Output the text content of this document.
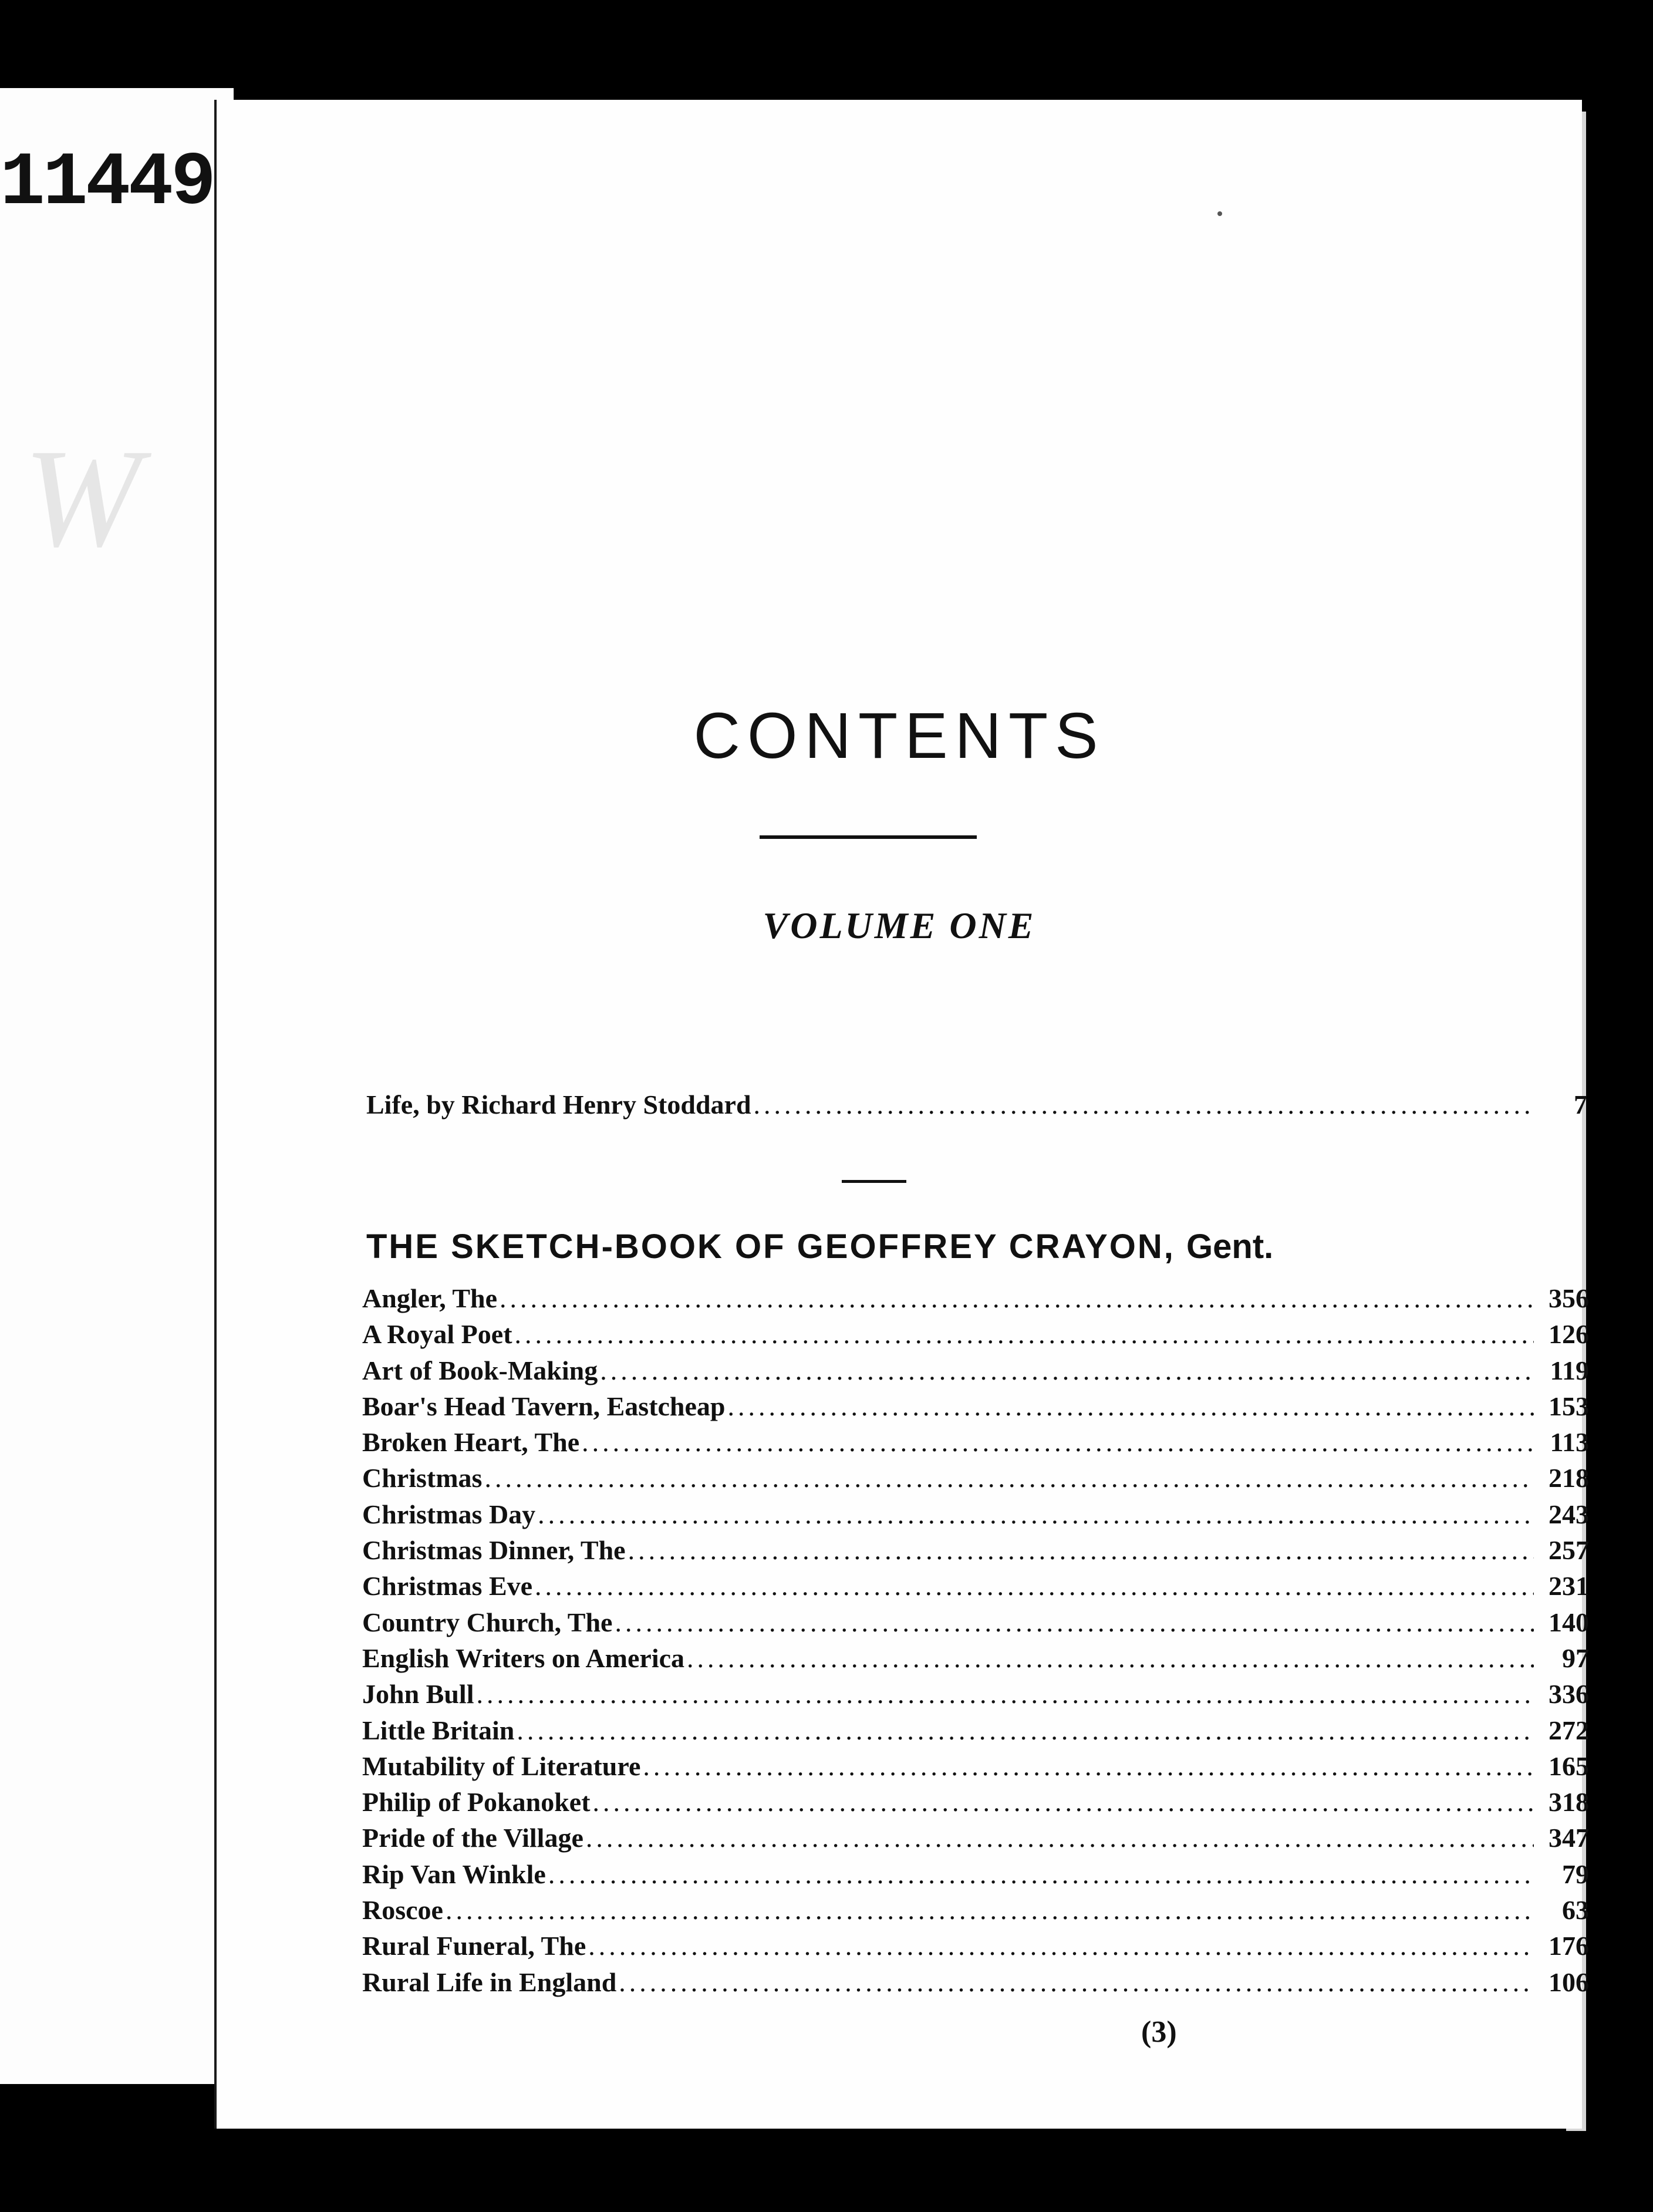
11449
W
CONTENTS
VOLUME ONE
Life, by Richard Henry Stoddard .....	7
THE SKETCH-BOOK OF GEOFFREY CRAYON, Gent.
Angler, The .....	356
A Royal Poet .....	126
Art of Book-Making .....	119
Boar's Head Tavern, Eastcheap .....	153
Broken Heart, The .....	113
Christmas .....	218
Christmas Day .....	243
Christmas Dinner, The .....	257
Christmas Eve .....	231
Country Church, The .....	140
English Writers on America .....	97
John Bull .....	336
Little Britain .....	272
Mutability of Literature .....	165
Philip of Pokanoket .....	318
Pride of the Village .....	347
Rip Van Winkle .....	79
Roscoe .....	63
Rural Funeral, The .....	176
Rural Life in England .....	106
(3)
